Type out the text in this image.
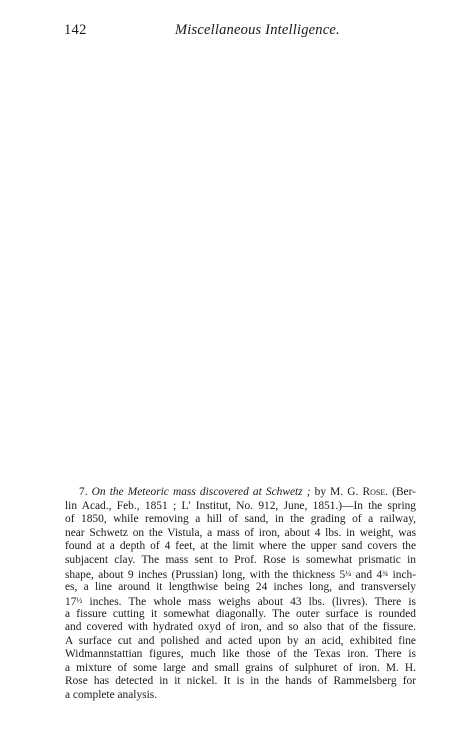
142	Miscellaneous Intelligence.
7. On the Meteoric mass discovered at Schwetz ; by M. G. Rose. (Ber-
lin Acad., Feb., 1851 ; L' Institut, No. 912, June, 1851.)—In the spring
of 1850, while removing a hill of sand, in the grading of a railway,
near Schwetz on the Vistula, a mass of iron, about 4 lbs. in weight, was
found at a depth of 4 feet, at the limit where the upper sand covers the
subjacent clay. The mass sent to Prof. Rose is somewhat prismatic in
shape, about 9 inches (Prussian) long, with the thickness 5¼ and 4¾ inch-
es, a line around it lengthwise being 24 inches long, and transversely
17½ inches. The whole mass weighs about 43 lbs. (livres). There is
a fissure cutting it somewhat diagonally. The outer surface is rounded
and covered with hydrated oxyd of iron, and so also that of the fissure.
A surface cut and polished and acted upon by an acid, exhibited fine
Widmannstattian figures, much like those of the Texas iron. There is
a mixture of some large and small grains of sulphuret of iron. M. H.
Rose has detected in it nickel. It is in the hands of Rammelsberg for
a complete analysis.
